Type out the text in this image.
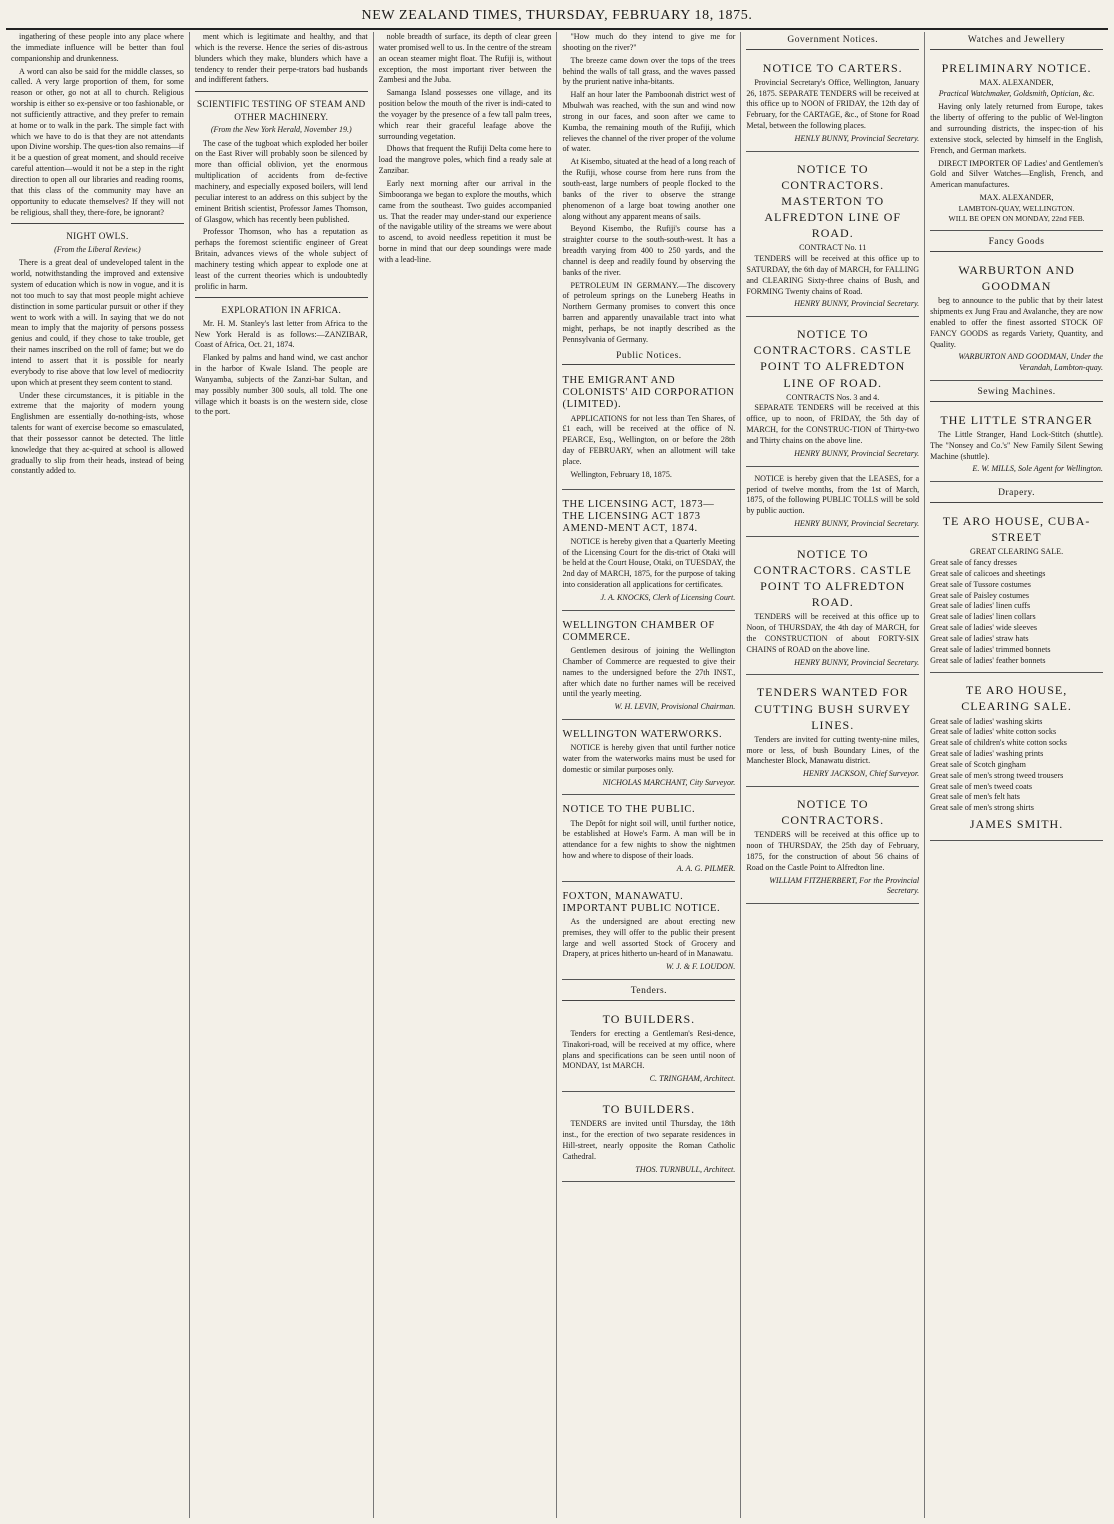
NEW ZEALAND TIMES, THURSDAY, FEBRUARY 18, 1875.

ingathering of these people into any place where the immediate influence will be better than foul companionship and drunkenness.

A word can also be said for the middle classes, so called. A very large proportion of them, for some reason or other, go not at all to church. Religious worship is either so ex-pensive or too fashionable, or not sufficiently attractive, and they prefer to remain at home or to walk in the park. The simple fact with which we have to do is that they are not attendants upon Divine worship. The ques-tion also remains—if it be a question of great moment, and should receive careful attention—would it not be a step in the right direction to open all our libraries and reading rooms, that this class of the community may have an opportunity to educate themselves? If they will not be religious, shall they, there-fore, be ignorant?

NIGHT OWLS.
(From the Liberal Review.)

There is a great deal of undeveloped talent in the world, notwithstanding the improved and extensive system of education which is now in vogue, and it is not too much to say that most people might achieve distinction in some particular pursuit or other if they went to work with a will. In saying that we do not mean to imply that the majority of persons possess genius and could, if they chose to take trouble, get their names inscribed on the roll of fame; but we do intend to assert that it is possible for nearly everybody to rise above that low level of mediocrity upon which at present they seem content to stand.

Under these circumstances, it is pitiable in the extreme that the majority of modern young Englishmen are essentially do-nothing-ists, whose talents for want of exercise become so emasculated, that their possessor cannot be detected. The little knowledge that they ac-quired at school is allowed gradually to slip from their heads, instead of being constantly added to.

ment which is legitimate and healthy, and that which is the reverse. Hence the series of dis-astrous blunders which they make, blunders which have a tendency to render their perpe-trators bad husbands and indifferent fathers.

SCIENTIFIC TESTING OF STEAM AND OTHER MACHINERY.
(From the New York Herald, November 19.)

The case of the tugboat which exploded her boiler on the East River will probably soon be silenced by more than official oblivion, yet the enormous multiplication of accidents from de-fective machinery, and especially exposed boilers, will lend peculiar interest to an address on this subject by the eminent British scientist, Professor James Thomson, of Glasgow, which has recently been published.

Professor Thomson, who has a reputation as perhaps the foremost scientific engineer of Great Britain, advances views of the whole subject of machinery testing which appear to explode one at least of the current theories which is undoubtedly prolific in harm.

EXPLORATION IN AFRICA.

Mr. H. M. Stanley's last letter from Africa to the New York Herald is as follows:—ZANZIBAR, Coast of Africa, Oct. 21, 1874.

Flanked by palms and hand wind, we cast anchor in the harbor of Kwale Island. The people are Wanyamba, subjects of the Zanzi-bar Sultan, and may possibly number 300 souls, all told. The one village which it boasts is on the western side, close to the port.

noble breadth of surface, its depth of clear green water promised well to us. In the centre of the stream an ocean steamer might float. The Rufiji is, without exception, the most important river between the Zambesi and the Juba.

Samanga Island possesses one village, and its position below the mouth of the river is indi-cated to the voyager by the presence of a few tall palm trees, which rear their graceful leafage above the surrounding vegetation.

Dhows that frequent the Rufiji Delta come here to load the mangrove poles, which find a ready sale at Zanzibar.

Early next morning after our arrival in the Simbooranga we began to explore the mouths, which came from the southeast. Two guides accompanied us. That the reader may under-stand our experience of the navigable utility of the streams we were about to ascend, to avoid needless repetition it must be borne in mind that our deep soundings were made with a lead-line.

"How much do they intend to give me for shooting on the river?"

The breeze came down over the tops of the trees behind the walls of tall grass, and the waves passed by the prurient native inha-bitants.

Half an hour later the Pamboonah district west of Mbulwah was reached, with the sun and wind now strong in our faces, and soon after we came to Kumba, the remaining mouth of the Rufiji, which relieves the channel of the river proper of the volume of water.

At Kisembo, situated at the head of a long reach of the Rufiji, whose course from here runs from the south-east, large numbers of people flocked to the banks of the river to observe the strange phenomenon of a large boat towing another one along without any apparent means of sails.

Beyond Kisembo, the Rufiji's course has a straighter course to the south-south-west. It has a breadth varying from 400 to 250 yards, and the channel is deep and readily found by observing the banks of the river.

PETROLEUM IN GERMANY.—The discovery of petroleum springs on the Luneberg Heaths in Northern Germany promises to convert this once barren and apparently unavailable tract into what might, perhaps, be not inaptly described as the Pennsylvania of Germany.

Public Notices.
THE EMIGRANT AND COLONISTS' AID CORPORATION (LIMITED).

APPLICATIONS for not less than Ten Shares, of £1 each, will be received at the office of N. PEARCE, Esq., Wellington, on or before the 28th day of FEBRUARY, when an allotment will take place.

Wellington, February 18, 1875.

THE LICENSING ACT, 1873—THE LICENSING ACT 1873 AMEND-MENT ACT, 1874.

NOTICE is hereby given that a Quarterly Meeting of the Licensing Court for the dis-trict of Otaki will be held at the Court House, Otaki, on TUESDAY, the 2nd day of MARCH, 1875, for the purpose of taking into consideration all applications for certificates.

J. A. KNOCKS, Clerk of Licensing Court.
WELLINGTON CHAMBER OF COMMERCE.

Gentlemen desirous of joining the Wellington Chamber of Commerce are requested to give their names to the undersigned before the 27th INST., after which date no further names will be received until the yearly meeting.

W. H. LEVIN, Provisional Chairman.
WELLINGTON WATERWORKS.

NOTICE is hereby given that until further notice water from the waterworks mains must be used for domestic or similar purposes only.

NICHOLAS MARCHANT, City Surveyor.
NOTICE TO THE PUBLIC.

The Depôt for night soil will, until further notice, be established at Howe's Farm. A man will be in attendance for a few nights to show the nightmen how and where to dispose of their loads.

A. A. G. PILMER.
FOXTON, MANAWATU. IMPORTANT PUBLIC NOTICE.

As the undersigned are about erecting new premises, they will offer to the public their present large and well assorted Stock of Grocery and Drapery, at prices hitherto un-heard of in Manawatu.

W. J. & F. LOUDON.
Tenders.
TO BUILDERS.

Tenders for erecting a Gentleman's Resi-dence, Tinakori-road, will be received at my office, where plans and specifications can be seen until noon of MONDAY, 1st MARCH.

C. TRINGHAM, Architect.
TO BUILDERS.

TENDERS are invited until Thursday, the 18th inst., for the erection of two separate residences in Hill-street, nearly opposite the Roman Catholic Cathedral.

THOS. TURNBULL, Architect.
Government Notices.
NOTICE TO CARTERS.

Provincial Secretary's Office, Wellington, January 26, 1875. SEPARATE TENDERS will be received at this office up to NOON of FRIDAY, the 12th day of February, for the CARTAGE, &c., of Stone for Road Metal, between the following places.

HENLY BUNNY, Provincial Secretary.
NOTICE TO CONTRACTORS. MASTERTON TO ALFREDTON LINE OF ROAD.
CONTRACT No. 11

TENDERS will be received at this office up to SATURDAY, the 6th day of MARCH, for FALLING and CLEARING Sixty-three chains of Bush, and FORMING Twenty chains of Road.

HENRY BUNNY, Provincial Secretary.
NOTICE TO CONTRACTORS. CASTLE POINT TO ALFREDTON LINE OF ROAD.
CONTRACTS Nos. 3 and 4.

SEPARATE TENDERS will be received at this office, up to noon, of FRIDAY, the 5th day of MARCH, for the CONSTRUC-TION of Thirty-two and Thirty chains on the above line.

HENRY BUNNY, Provincial Secretary.

NOTICE is hereby given that the LEASES, for a period of twelve months, from the 1st of March, 1875, of the following PUBLIC TOLLS will be sold by public auction.

HENRY BUNNY, Provincial Secretary.
NOTICE TO CONTRACTORS. CASTLE POINT TO ALFREDTON ROAD.

TENDERS will be received at this office up to Noon, of THURSDAY, the 4th day of MARCH, for the CONSTRUCTION of about FORTY-SIX CHAINS of ROAD on the above line.

HENRY BUNNY, Provincial Secretary.
TENDERS WANTED FOR CUTTING BUSH SURVEY LINES.

Tenders are invited for cutting twenty-nine miles, more or less, of bush Boundary Lines, of the Manchester Block, Manawatu district.

HENRY JACKSON, Chief Surveyor.
NOTICE TO CONTRACTORS.

TENDERS will be received at this office up to noon of THURSDAY, the 25th day of February, 1875, for the construction of about 56 chains of Road on the Castle Point to Alfredton line.

WILLIAM FITZHERBERT, For the Provincial Secretary.
Watches and Jewellery
PRELIMINARY NOTICE.
MAX. ALEXANDER,
Practical Watchmaker, Goldsmith, Optician, &c.

Having only lately returned from Europe, takes the liberty of offering to the public of Wel-lington and surrounding districts, the inspec-tion of his extensive stock, selected by himself in the English, French, and German markets.

DIRECT IMPORTER OF Ladies' and Gentlemen's Gold and Silver Watches—English, French, and American manufactures.

MAX. ALEXANDER,
LAMBTON-QUAY, WELLINGTON.
WILL BE OPEN ON MONDAY, 22nd FEB.
Fancy Goods
WARBURTON AND GOODMAN

beg to announce to the public that by their latest shipments ex Jung Frau and Avalanche, they are now enabled to offer the finest assorted STOCK OF FANCY GOODS as regards Variety, Quantity, and Quality.

WARBURTON AND GOODMAN, Under the Verandah, Lambton-quay.
Sewing Machines.
THE LITTLE STRANGER

The Little Stranger, Hand Lock-Stitch (shuttle). The "Nonsey and Co.'s" New Family Silent Sewing Machine (shuttle).

E. W. MILLS, Sole Agent for Wellington.
Drapery.
TE ARO HOUSE, CUBA-STREET
GREAT CLEARING SALE.
Great sale of fancy dresses
Great sale of calicoes and sheetings
Great sale of Tussore costumes
Great sale of Paisley costumes
Great sale of ladies' linen cuffs
Great sale of ladies' linen collars
Great sale of ladies' wide sleeves
Great sale of ladies' straw hats
Great sale of ladies' trimmed bonnets
Great sale of ladies' feather bonnets
TE ARO HOUSE, CLEARING SALE.
Great sale of ladies' washing skirts
Great sale of ladies' white cotton socks
Great sale of children's white cotton socks
Great sale of ladies' washing prints
Great sale of Scotch gingham
Great sale of men's strong tweed trousers
Great sale of men's tweed coats
Great sale of men's felt hats
Great sale of men's strong shirts
JAMES SMITH.
